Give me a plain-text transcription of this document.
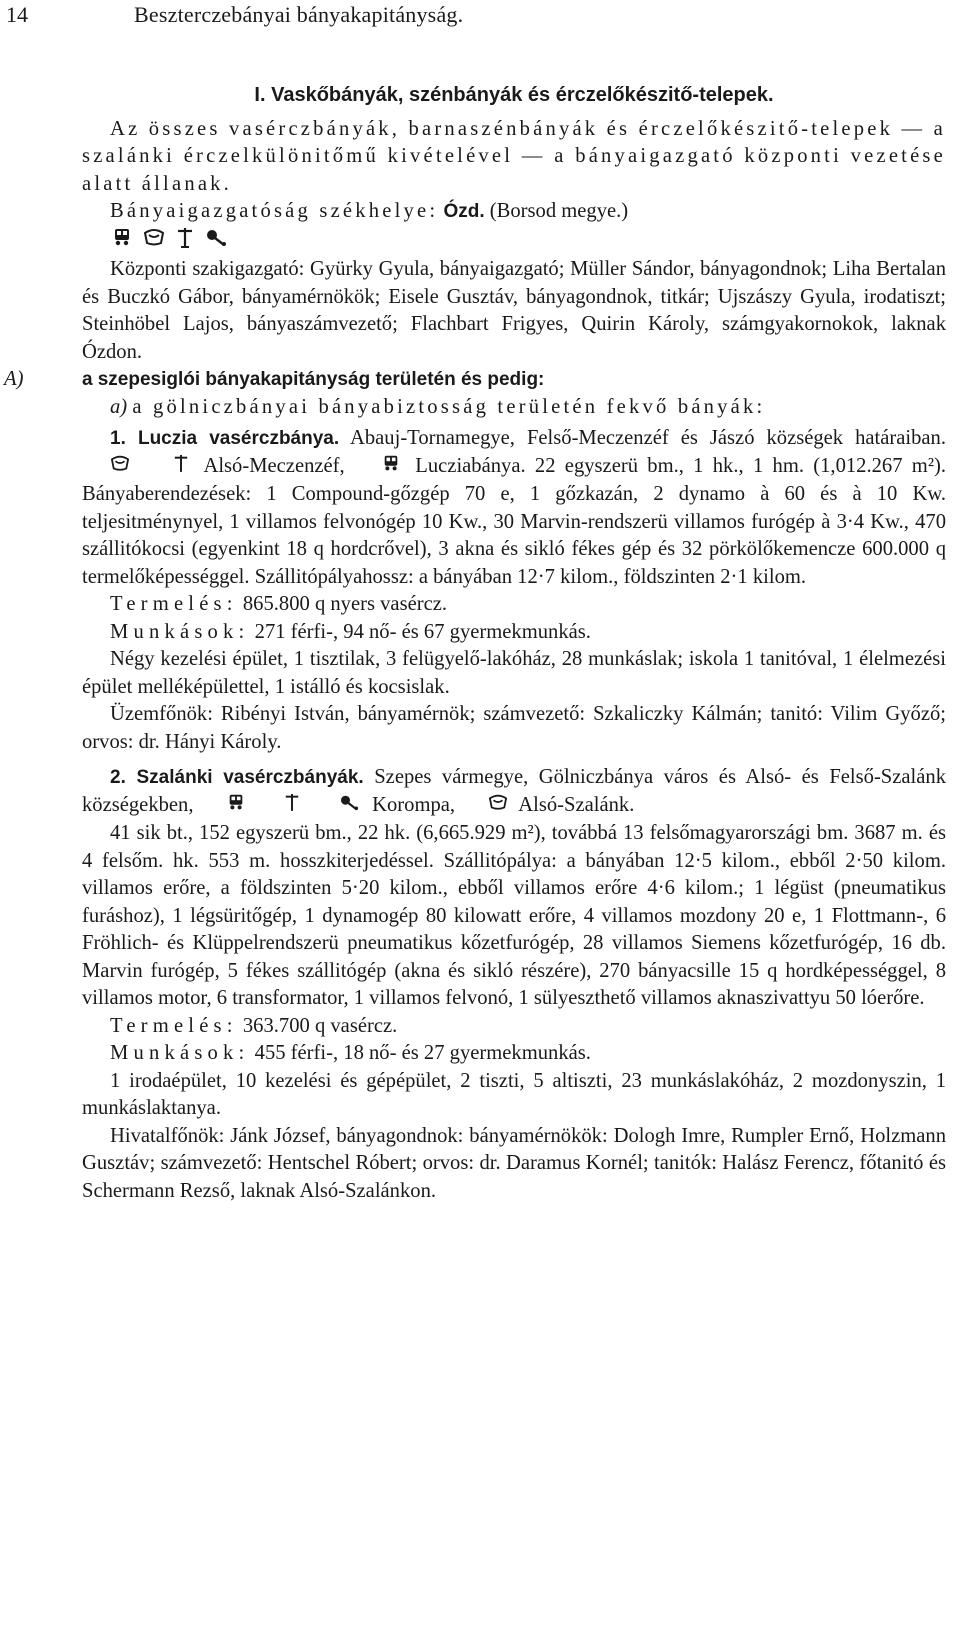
14	Beszterczebányai bányakapitányság.

I. Vaskőbányák, szénbányák és érczelőkészitő-telepek.

Az összes vasérczbányák, barnaszénbányák és érczelőkészitő-telepek — a szalánki érczelkülönitőmű kivételével — a bányaigazgató központi vezetése alatt állanak.

Bányaigazgatóság székhelye: Ózd. (Borsod megye.)

Központi szakigazgató: Gyürky Gyula, bányaigazgató; Müller Sándor, bányagondnok; Liha Bertalan és Buczkó Gábor, bányamérnökök; Eisele Gusztáv, bányagondnok, titkár; Ujszászy Gyula, irodatiszt; Steinhöbel Lajos, bányaszámvezető; Flachbart Frigyes, Quirin Károly, számgyakornokok, laknak Ózdon.

A)	a szepesiglói bányakapitányság területén és pedig:

a) a gölniczbányai bányabiztosság területén fekvő bányák:

1. Luczia vasérczbánya. Abauj-Tornamegye, Felső-Meczenzéf és Jászó községek határaiban.   Alsó-Meczenzéf,	Lucziabánya. 22 egyszerü bm., 1 hk., 1 hm. (1,012.267 m²). Bányaberendezések: 1 Compound-gőzgép 70 e, 1 gőzkazán, 2 dynamo à 60 és à 10 Kw. teljesitménynyel, 1 villamos felvonógép 10 Kw., 30 Marvin-rendszerü villamos furógép à 3·4 Kw., 470 szállitókocsi (egyenkint 18 q hordcrővel), 3 akna és sikló fékes gép és 32 pörkölőkemencze 600.000 q termelőképességgel. Szállitópályahossz: a bányában 12·7 kilom., földszinten 2·1 kilom.

Termelés: 865.800 q nyers vasércz.

Munkások: 271 férfi-, 94 nő- és 67 gyermekmunkás.

Négy kezelési épület, 1 tisztilak, 3 felügyelő-lakóház, 28 munkáslak; iskola 1 tanitóval, 1 élelmezési épület melléképülettel, 1 istálló és kocsislak.

Üzemfőnök: Ribényi István, bányamérnök; számvezető: Szkaliczky Kálmán; tanitó: Vilim Győző; orvos: dr. Hányi Károly.

2. Szalánki vasérczbányák. Szepes vármegye, Gölniczbánya város és Alsó- és Felső-Szalánk községekben,	Korompa,	Alsó-Szalánk.

41 sik bt., 152 egyszerü bm., 22 hk. (6,665.929 m²), továbbá 13 felsőmagyarországi bm. 3687 m. és 4 felsőm. hk. 553 m. hosszkiterjedéssel. Szállitópálya: a bányában 12·5 kilom., ebből 2·50 kilom. villamos erőre, a földszinten 5·20 kilom., ebből villamos erőre 4·6 kilom.; 1 légüst (pneumatikus furáshoz), 1 légsüritőgép, 1 dynamogép 80 kilowatt erőre, 4 villamos mozdony 20 e, 1 Flottmann-, 6 Fröhlich- és Klüppelrendszerü pneumatikus kőzetfurógép, 28 villamos Siemens kőzetfurógép, 16 db. Marvin furógép, 5 fékes szállitógép (akna és sikló részére), 270 bányacsille 15 q hordképességgel, 8 villamos motor, 6 transformator, 1 villamos felvonó, 1 sülyeszthető villamos aknaszivattyu 50 lóerőre.

Termelés: 363.700 q vasércz.

Munkások: 455 férfi-, 18 nő- és 27 gyermekmunkás.

1 irodaépület, 10 kezelési és gépépület, 2 tiszti, 5 altiszti, 23 munkáslakóház, 2 mozdonyszin, 1 munkáslaktanya.

Hivatalfőnök: Jánk József, bányagondnok: bányamérnökök: Dologh Imre, Rumpler Ernő, Holzmann Gusztáv; számvezető: Hentschel Róbert; orvos: dr. Daramus Kornél; tanitók: Halász Ferencz, főtanitó és Schermann Rezső, laknak Alsó-Szalánkon.
